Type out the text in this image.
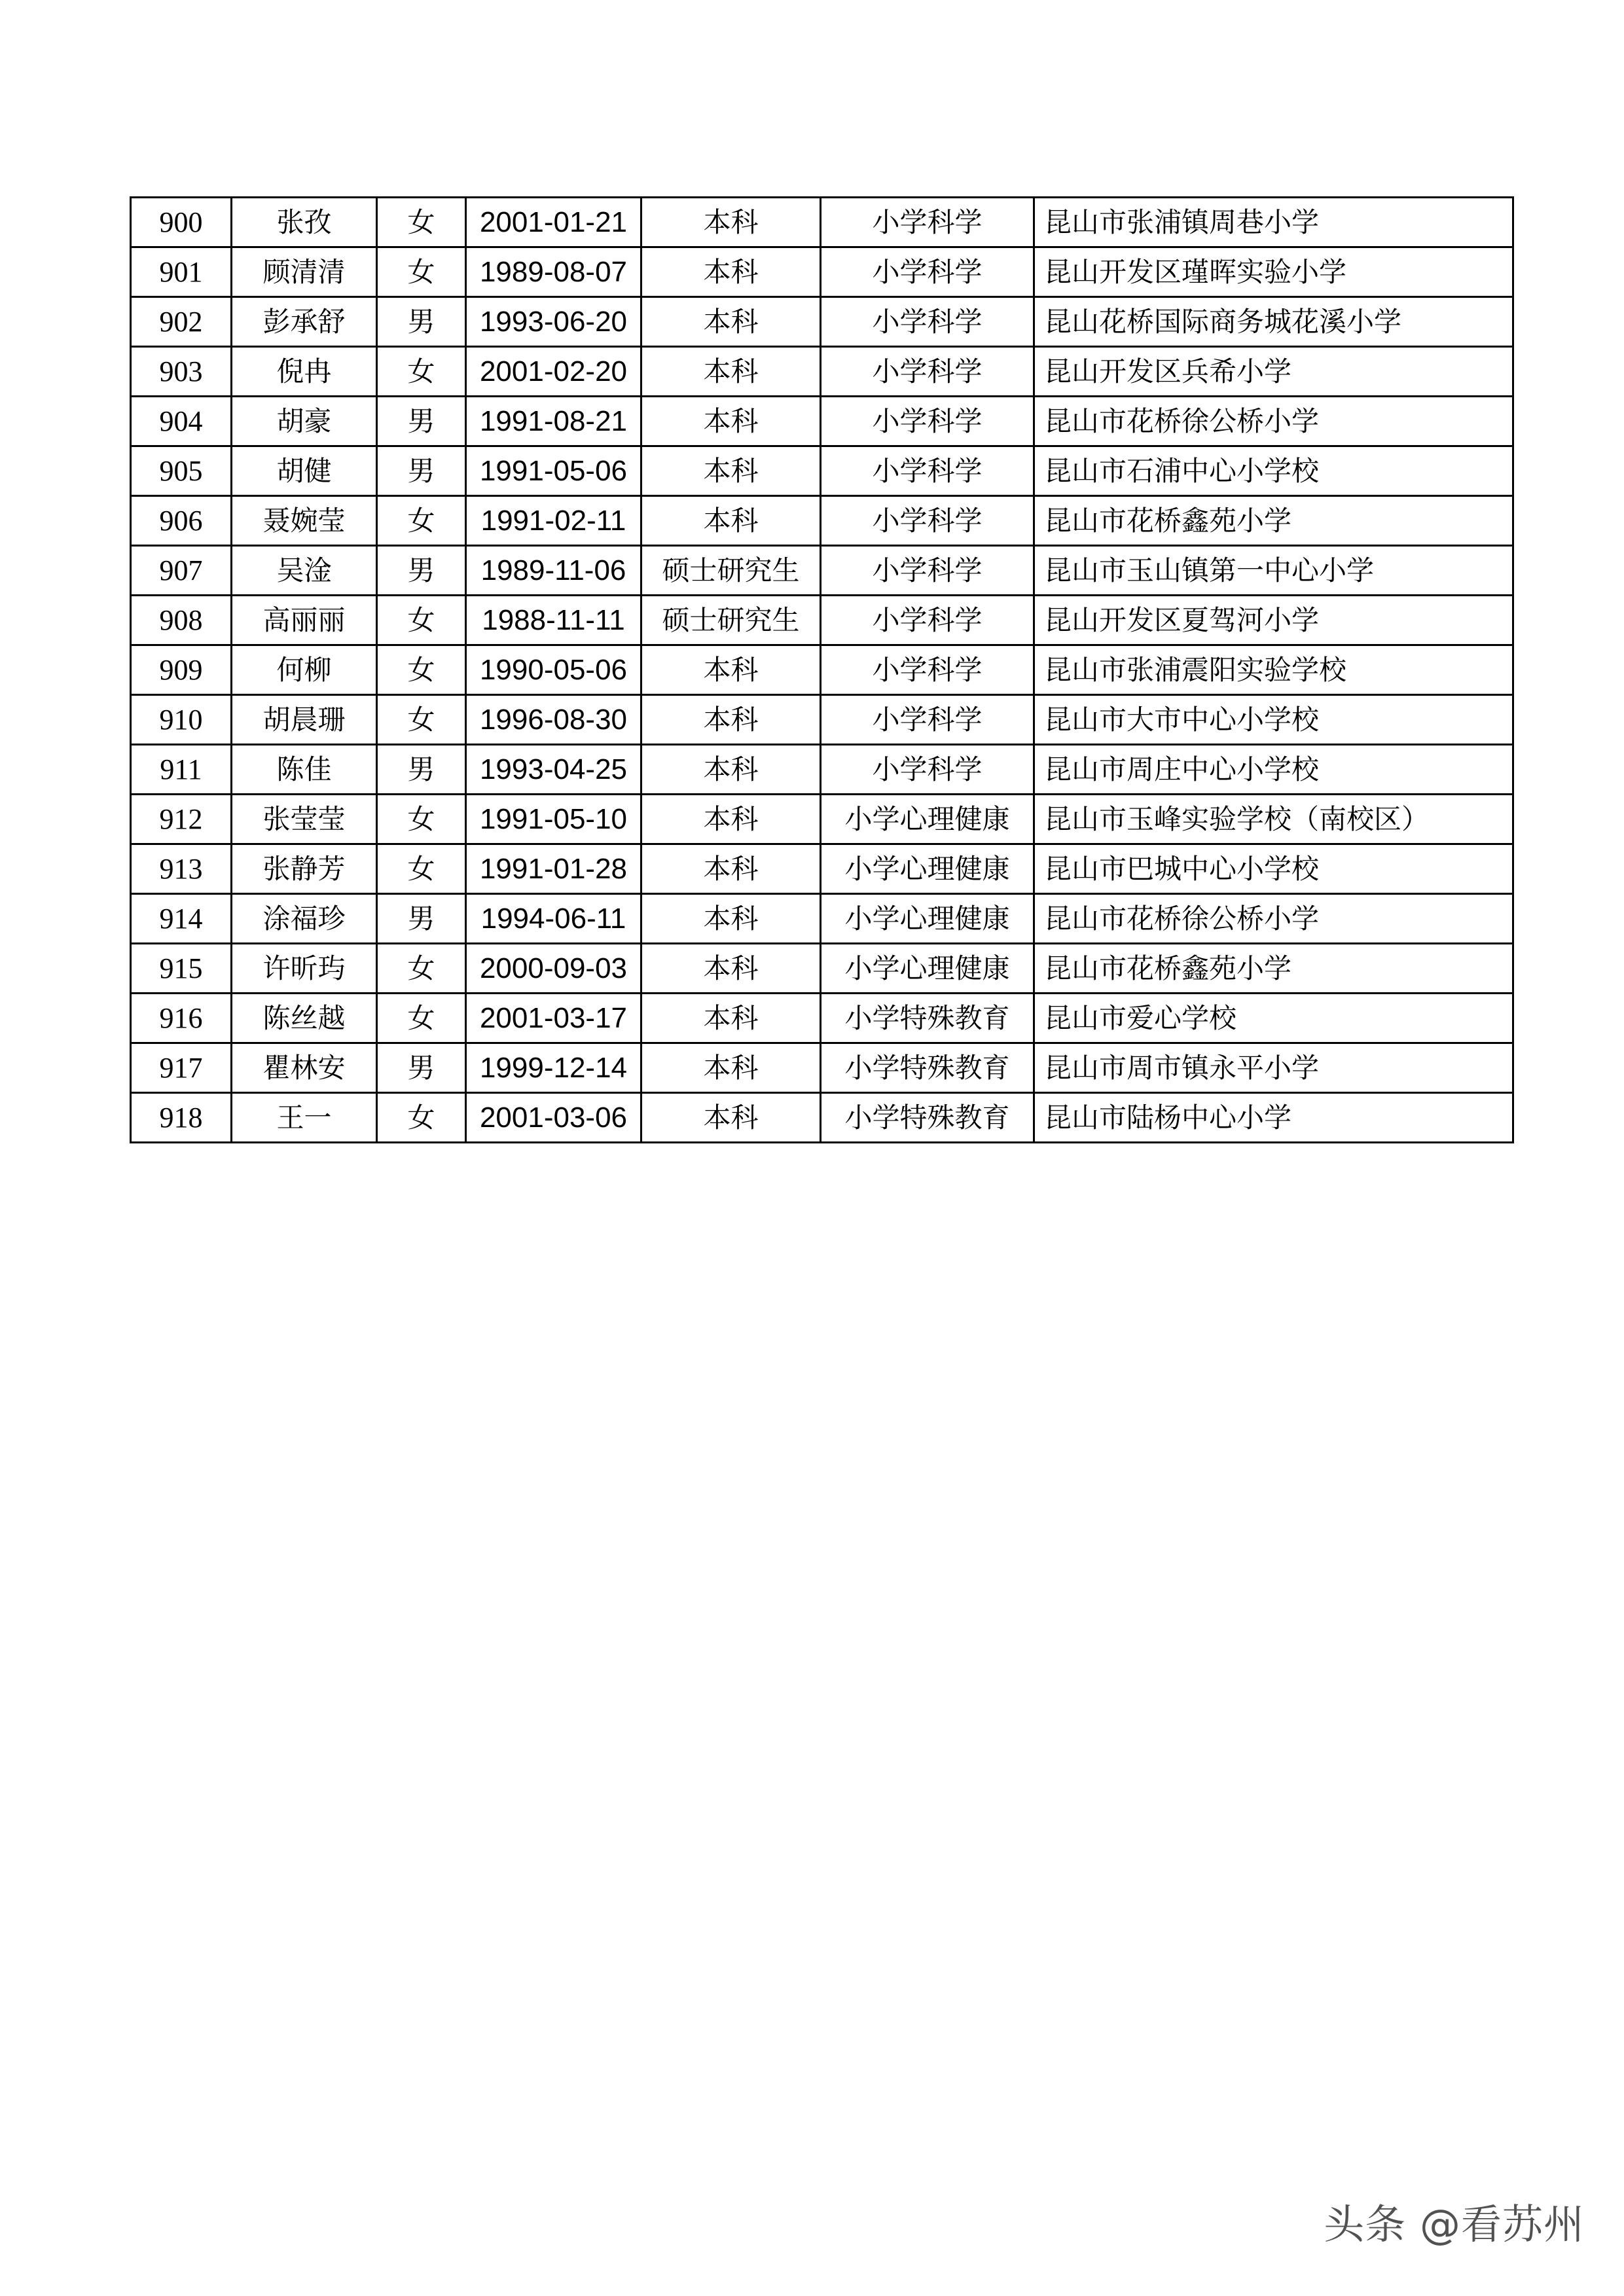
900	张孜	女	2001-01-21	本科	小学科学	昆山市张浦镇周巷小学
901	顾清清	女	1989-08-07	本科	小学科学	昆山开发区瑾晖实验小学
902	彭承舒	男	1993-06-20	本科	小学科学	昆山花桥国际商务城花溪小学
903	倪冉	女	2001-02-20	本科	小学科学	昆山开发区兵希小学
904	胡豪	男	1991-08-21	本科	小学科学	昆山市花桥徐公桥小学
905	胡健	男	1991-05-06	本科	小学科学	昆山市石浦中心小学校
906	聂婉莹	女	1991-02-11	本科	小学科学	昆山市花桥鑫苑小学
907	吴淦	男	1989-11-06	硕士研究生	小学科学	昆山市玉山镇第一中心小学
908	高丽丽	女	1988-11-11	硕士研究生	小学科学	昆山开发区夏驾河小学
909	何柳	女	1990-05-06	本科	小学科学	昆山市张浦震阳实验学校
910	胡晨珊	女	1996-08-30	本科	小学科学	昆山市大市中心小学校
911	陈佳	男	1993-04-25	本科	小学科学	昆山市周庄中心小学校
912	张莹莹	女	1991-05-10	本科	小学心理健康	昆山市玉峰实验学校（南校区）
913	张静芳	女	1991-01-28	本科	小学心理健康	昆山市巴城中心小学校
914	涂福珍	男	1994-06-11	本科	小学心理健康	昆山市花桥徐公桥小学
915	许昕玙	女	2000-09-03	本科	小学心理健康	昆山市花桥鑫苑小学
916	陈丝越	女	2001-03-17	本科	小学特殊教育	昆山市爱心学校
917	瞿林安	男	1999-12-14	本科	小学特殊教育	昆山市周市镇永平小学
918	王一	女	2001-03-06	本科	小学特殊教育	昆山市陆杨中心小学
头条 @看苏州
